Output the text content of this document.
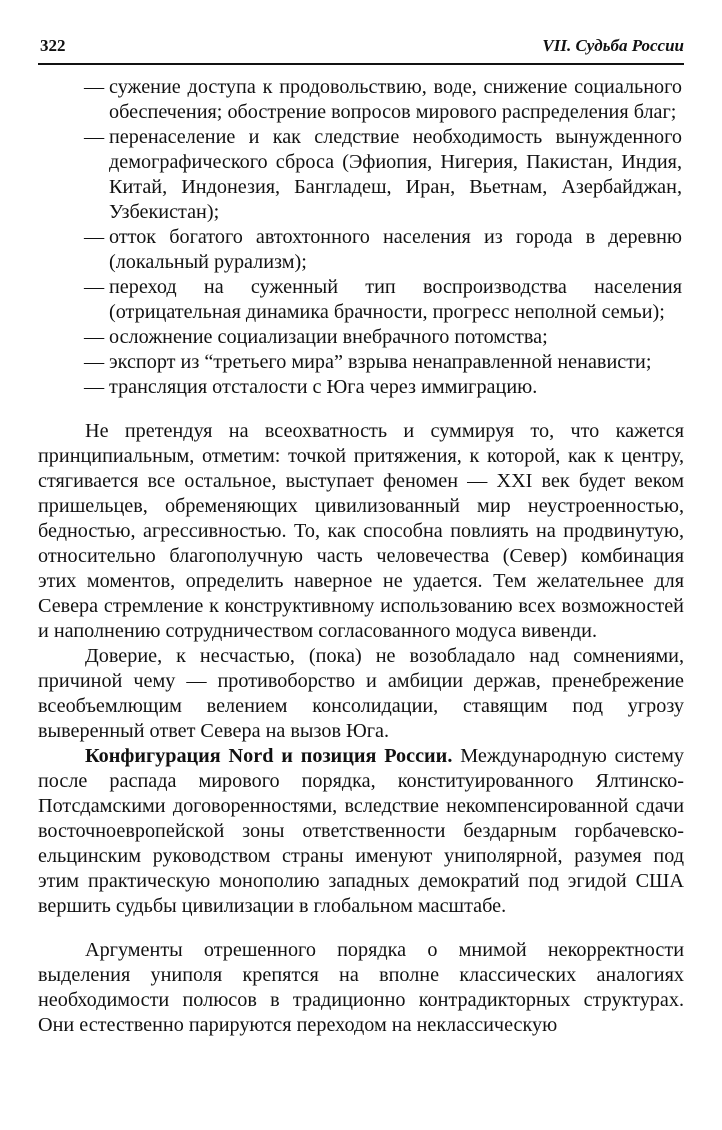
322	VII. Судьба России
— сужение доступа к продовольствию, воде, снижение социального обеспечения; обострение вопросов мирового распределения благ;
— перенаселение и как следствие необходимость вынужденного демографического сброса (Эфиопия, Нигерия, Пакистан, Индия, Китай, Индонезия, Бангладеш, Иран, Вьетнам, Азербайджан, Узбекистан);
— отток богатого автохтонного населения из города в деревню (локальный рурализм);
— переход на суженный тип воспроизводства населения (отрицательная динамика брачности, прогресс неполной семьи);
— осложнение социализации внебрачного потомства;
— экспорт из “третьего мира” взрыва ненаправленной ненависти;
— трансляция отсталости с Юга через иммиграцию.

Не претендуя на всеохватность и суммируя то, что кажется принципиальным, отметим: точкой притяжения, к которой, как к центру, стягивается все остальное, выступает феномен — XXI век будет веком пришельцев, обременяющих цивилизованный мир неустроенностью, бедностью, агрессивностью. То, как способна повлиять на продвинутую, относительно благополучную часть человечества (Север) комбинация этих моментов, определить наверное не удается. Тем желательнее для Севера стремление к конструктивному использованию всех возможностей и наполнению сотрудничеством согласованного модуса вивенди.

Доверие, к несчастью, (пока) не возобладало над сомнениями, причиной чему — противоборство и амбиции держав, пренебрежение всеобъемлющим велением консолидации, ставящим под угрозу выверенный ответ Севера на вызов Юга.

Конфигурация Nord и позиция России. Международную систему после распада мирового порядка, конституированного Ялтинско-Потсдамскими договоренностями, вследствие некомпенсированной сдачи восточноевропейской зоны ответственности бездарным горбачевско-ельцинским руководством страны именуют униполярной, разумея под этим практическую монополию западных демократий под эгидой США вершить судьбы цивилизации в глобальном масштабе.

Аргументы отрешенного порядка о мнимой некорректности выделения униполя крепятся на вполне классических аналогиях необходимости полюсов в традиционно контрадикторных структурах. Они естественно парируются переходом на неклассическую
